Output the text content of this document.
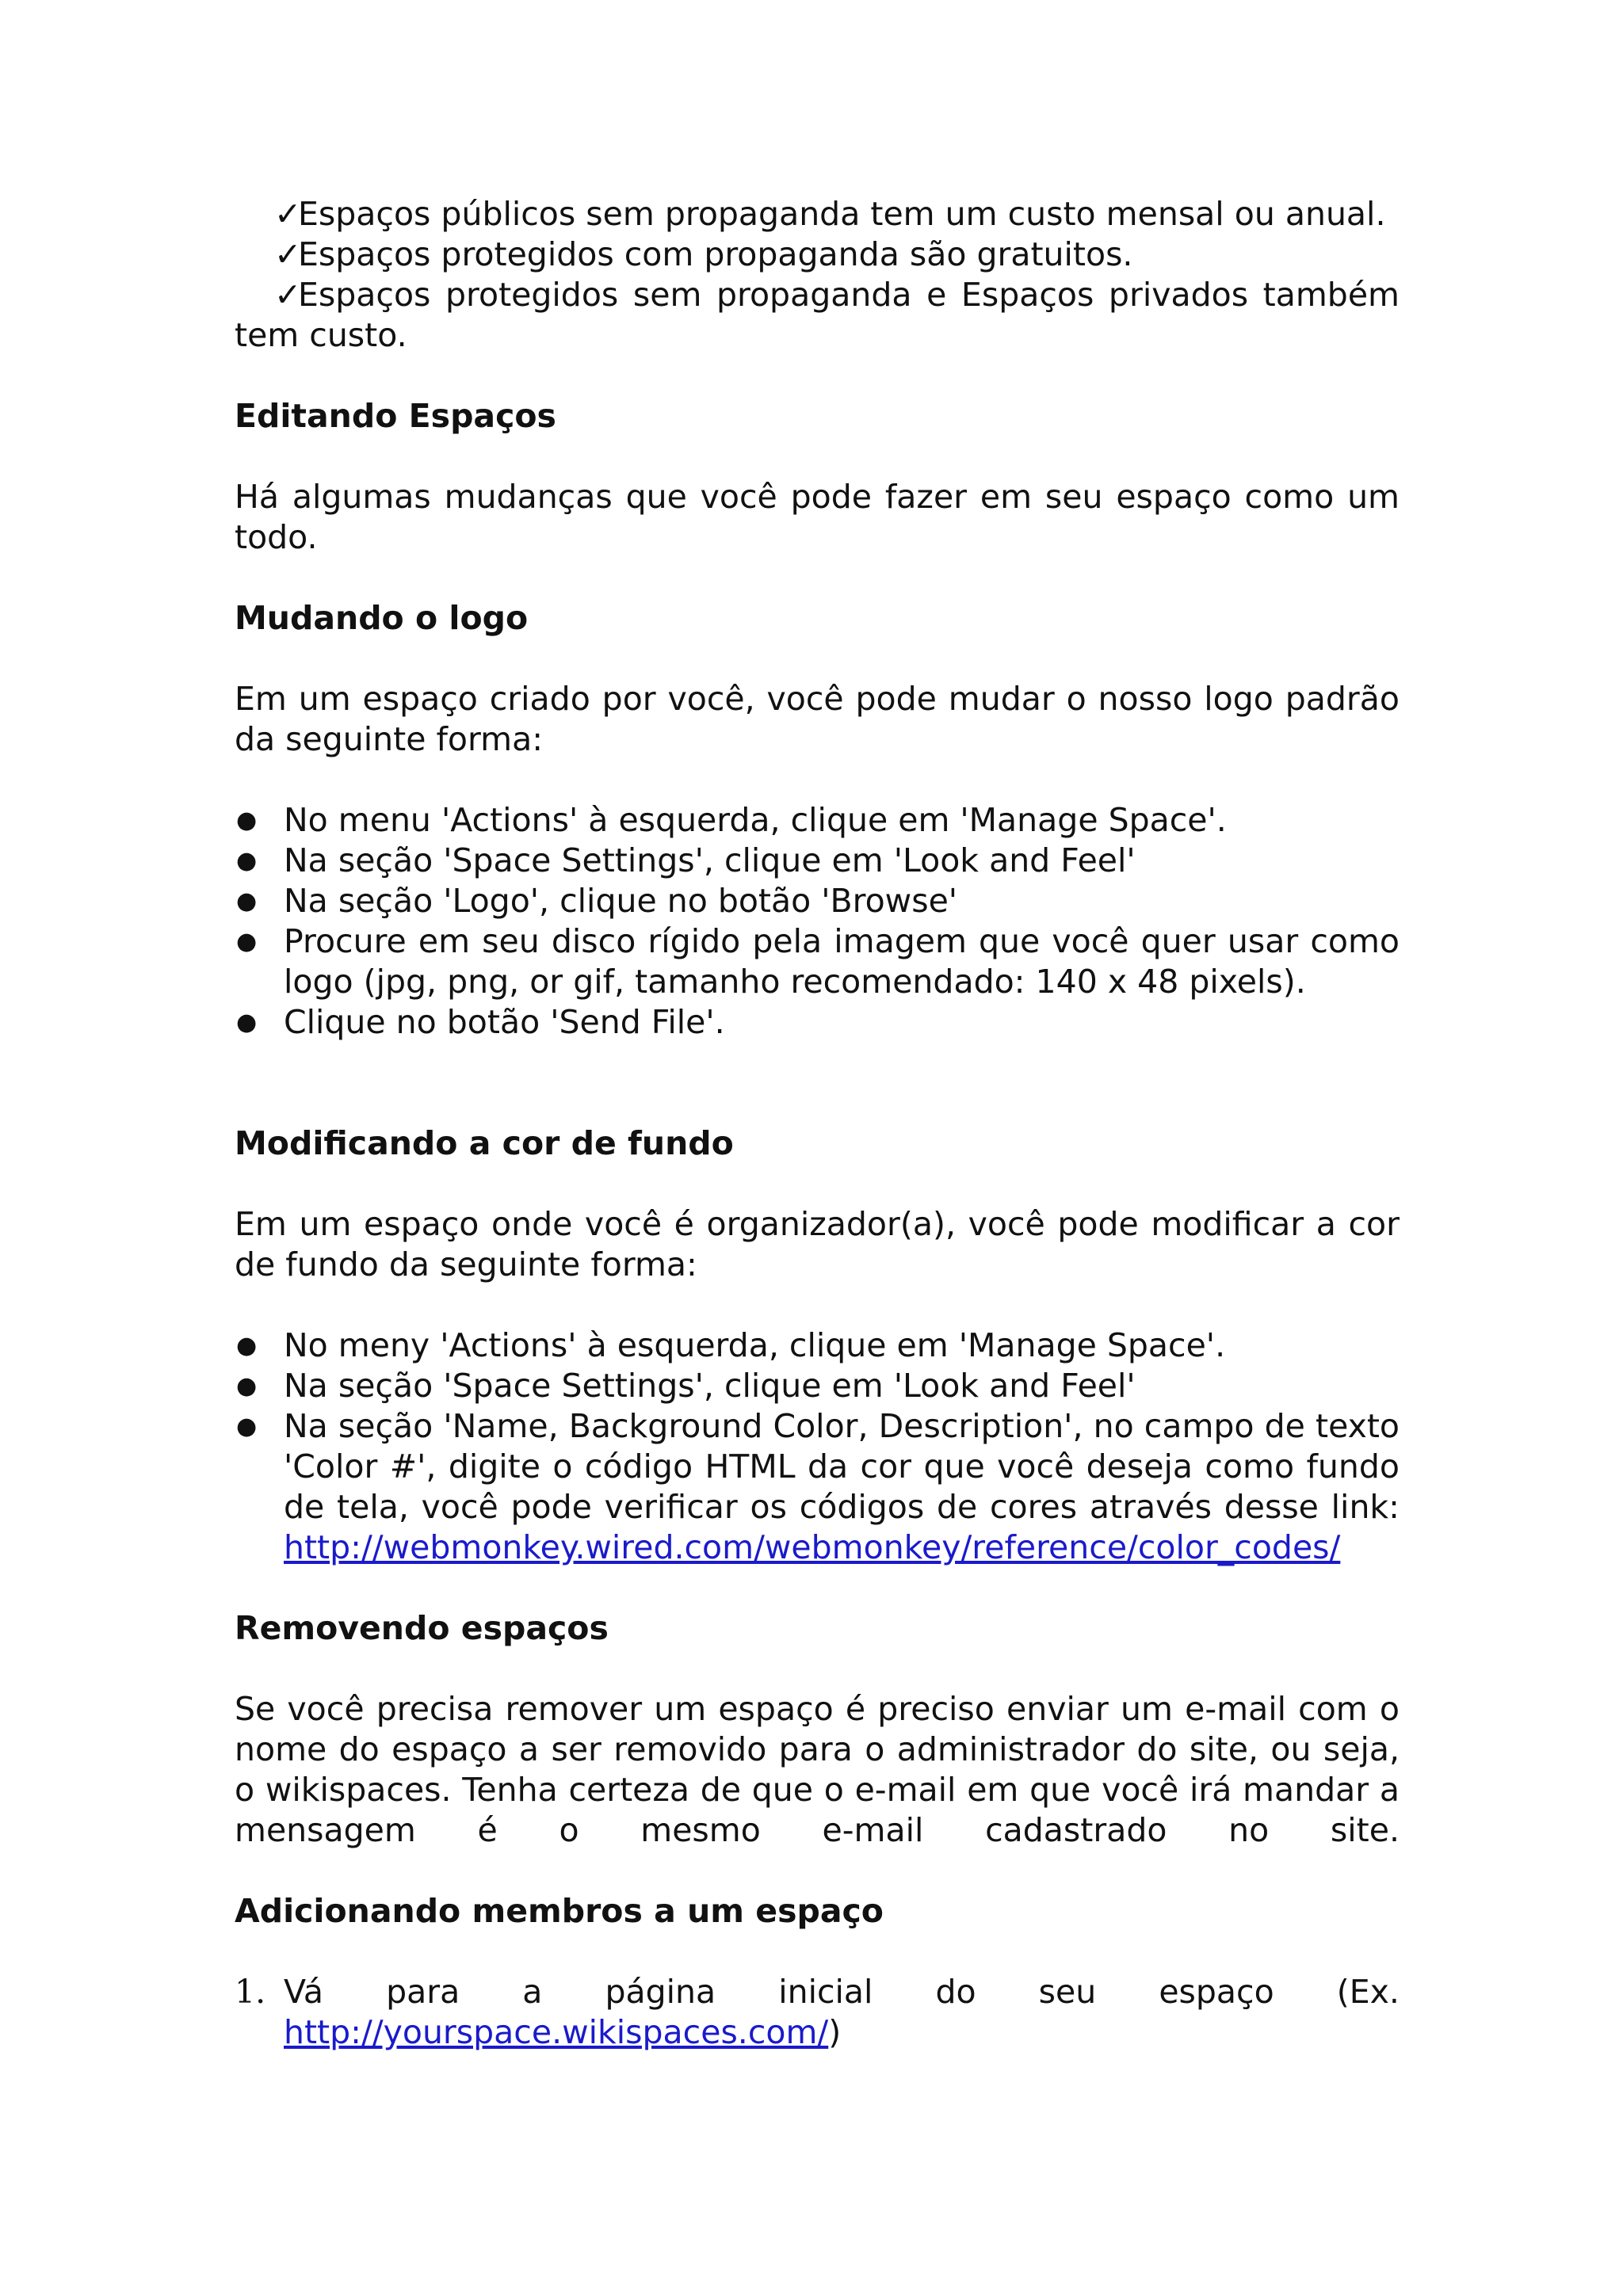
✓Espaços públicos sem propaganda tem um custo mensal ou anual.

✓Espaços protegidos com propaganda são gratuitos.

✓Espaços protegidos sem propaganda e Espaços privados também tem custo.

Editando Espaços

Há algumas mudanças que você pode fazer em seu espaço como um todo.

Mudando o logo

Em um espaço criado por você, você pode mudar o nosso logo padrão da seguinte forma:

● No menu 'Actions' à esquerda, clique em 'Manage Space'.
● Na seção 'Space Settings', clique em 'Look and Feel'
● Na seção 'Logo', clique no botão 'Browse'
● Procure em seu disco rígido pela imagem que você quer usar como logo (jpg, png, or gif, tamanho recomendado: 140 x 48 pixels).
● Clique no botão 'Send File'.

Modificando a cor de fundo

Em um espaço onde você é organizador(a), você pode modificar a cor de fundo da seguinte forma:

● No meny 'Actions' à esquerda, clique em 'Manage Space'.
● Na seção 'Space Settings', clique em 'Look and Feel'
● Na seção 'Name, Background Color, Description', no campo de texto 'Color #', digite o código HTML da cor que você deseja como fundo de tela, você pode verificar os códigos de cores através desse link:
http://webmonkey.wired.com/webmonkey/reference/color_codes/

Removendo espaços

Se você precisa remover um espaço é preciso enviar um e-mail com o nome do espaço a ser removido para o administrador do site, ou seja, o wikispaces. Tenha certeza de que o e-mail em que você irá mandar a mensagem é o mesmo e-mail cadastrado no site.

Adicionando membros a um espaço

1. Vá para a página inicial do seu espaço (Ex.
http://yourspace.wikispaces.com/)
